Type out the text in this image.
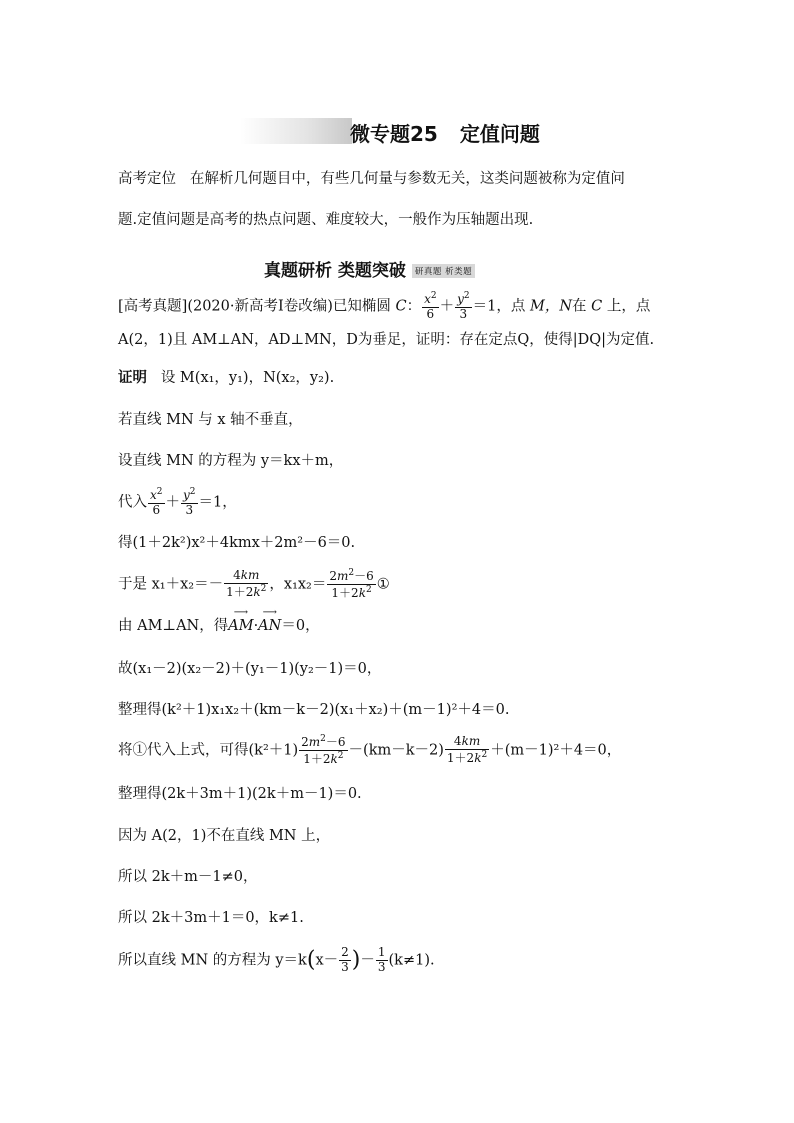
微专题25 定值问题
高考定位 在解析几何题目中，有些几何量与参数无关，这类问题被称为定值问
题.定值问题是高考的热点问题、难度较大，一般作为压轴题出现.
真题研析 类题突破 研真题 析类题
[高考真题](2020·新高考Ⅰ卷改编)已知椭圆 C： $\frac{x^2}{6} + \frac{y^2}{3} =1$，点 M，N在 C 上，点
A(2，1)且 AM⊥AN，AD⊥MN，D为垂足，证明：存在定点Q，使得|DQ|为定值.
证明 设 M(x₁，y₁)，N(x₂，y₂).
若直线 MN 与 x 轴不垂直，
设直线 MN 的方程为 y＝kx＋m，
代入 $\frac{x^2}{6} + \frac{y^2}{3} =1$，
得(1＋2k²)x²＋4kmx＋2m²－6＝0.
于是 $x_1+x_2=- \frac{4km}{1+2k^2}$ ，$x_1x_2= \frac{2m^2-6}{1+2k^2}$ ①
由 AM⊥AN，得⟶ AM·⟶ AN＝0，
故(x₁－2)(x₂－2)＋(y₁－1)(y₂－1)＝0，
整理得(k²＋1)x₁x₂＋(km－k－2)(x₁＋x₂)＋(m－1)²＋4＝0.
将①代入上式，可得$(k^2+1) \frac{2m^2-6}{1+2k^2} -(km-k-2) \frac{4km}{1+2k^2} +(m-1)^2+4=0$，
整理得(2k＋3m＋1)(2k＋m－1)＝0.
因为 A(2，1)不在直线 MN 上，
所以 2k＋m－1≠0，
所以 2k＋3m＋1＝0，k≠1.
所以直线 MN 的方程为 $y=k(x- \frac{2}{3}$ )－ $\frac{1}{3} (k\ne 1)$.
